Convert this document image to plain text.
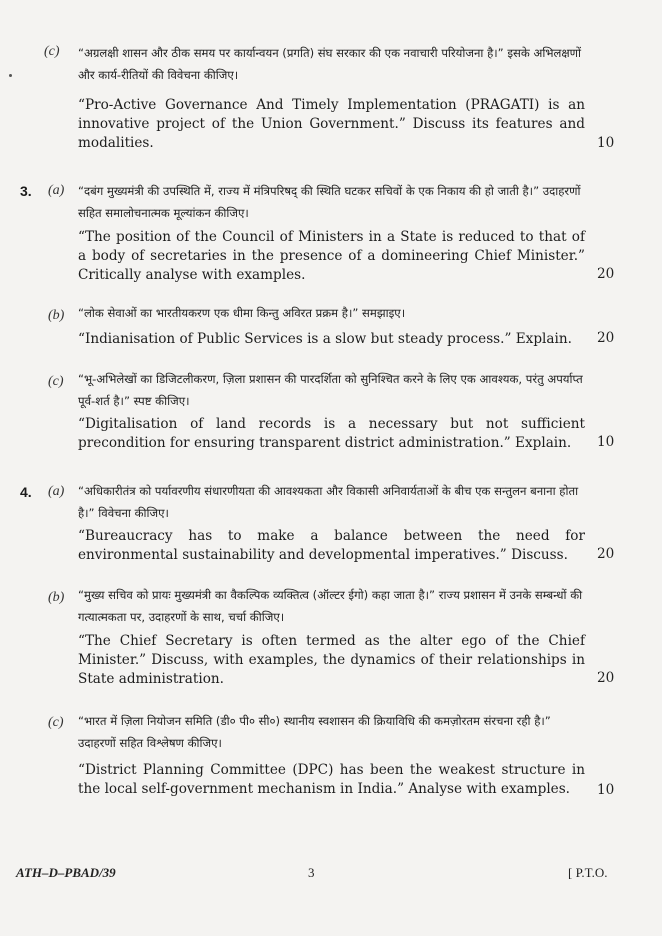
(c) “अग्रलक्षी शासन और ठीक समय पर कार्यान्वयन (प्रगति) संघ सरकार की एक नवाचारी परियोजना है।” इसके अभिलक्षणों और कार्य-रीतियों की विवेचना कीजिए।
“Pro-Active Governance And Timely Implementation (PRAGATI) is an innovative project of the Union Government.” Discuss its features and modalities.	10
3. (a) “दबंग मुख्यमंत्री की उपस्थिति में, राज्य में मंत्रिपरिषद् की स्थिति घटकर सचिवों के एक निकाय की हो जाती है।” उदाहरणों सहित समालोचनात्मक मूल्यांकन कीजिए।
“The position of the Council of Ministers in a State is reduced to that of a body of secretaries in the presence of a domineering Chief Minister.” Critically analyse with examples.	20
(b) “लोक सेवाओं का भारतीयकरण एक धीमा किन्तु अविरत प्रक्रम है।” समझाइए।
“Indianisation of Public Services is a slow but steady process.” Explain.	20
(c) “भू-अभिलेखों का डिजिटलीकरण, ज़िला प्रशासन की पारदर्शिता को सुनिश्चित करने के लिए एक आवश्यक, परंतु अपर्याप्त पूर्व-शर्त है।” स्पष्ट कीजिए।
“Digitalisation of land records is a necessary but not sufficient precondition for ensuring transparent district administration.” Explain.	10
4. (a) “अधिकारीतंत्र को पर्यावरणीय संधारणीयता की आवश्यकता और विकासी अनिवार्यताओं के बीच एक सन्तुलन बनाना होता है।” विवेचना कीजिए।
“Bureaucracy has to make a balance between the need for environmental sustainability and developmental imperatives.” Discuss.	20
(b) “मुख्य सचिव को प्रायः मुख्यमंत्री का वैकल्पिक व्यक्तित्व (ऑल्टर ईगो) कहा जाता है।” राज्य प्रशासन में उनके सम्बन्धों की गत्यात्मकता पर, उदाहरणों के साथ, चर्चा कीजिए।
“The Chief Secretary is often termed as the alter ego of the Chief Minister.” Discuss, with examples, the dynamics of their relationships in State administration.	20
(c) “भारत में ज़िला नियोजन समिति (डी० पी० सी०) स्थानीय स्वशासन की क्रियाविधि की कमज़ोरतम संरचना रही है।” उदाहरणों सहित विश्लेषण कीजिए।
“District Planning Committee (DPC) has been the weakest structure in the local self-government mechanism in India.” Analyse with examples.	10
ATH–D–PBAD/39	3	[ P.T.O.
